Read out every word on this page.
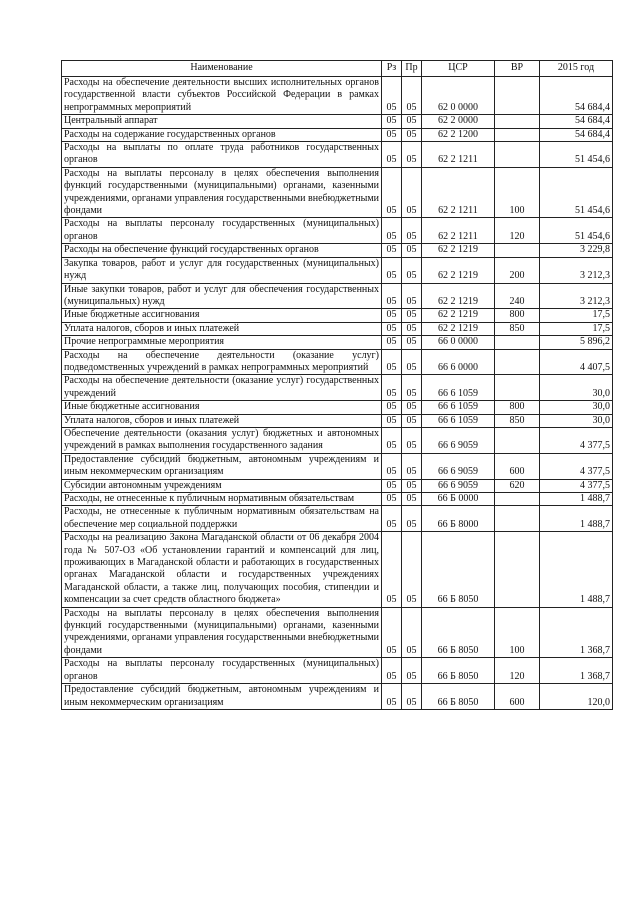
Наименование	Рз	Пр	ЦСР	ВР	2015 год
Расходы на обеспечение деятельности высших исполнительных органов государственной власти субъектов Российской Федерации в рамках непрограммных мероприятий	05	05	62 0 0000		54 684,4
Центральный аппарат	05	05	62 2 0000		54 684,4
Расходы на содержание государственных органов	05	05	62 2 1200		54 684,4
Расходы на выплаты по оплате труда работников государственных органов	05	05	62 2 1211		51 454,6
Расходы на выплаты персоналу в целях обеспечения выполнения функций государственными (муниципальными) органами, казенными учреждениями, органами управления государственными внебюджетными фондами	05	05	62 2 1211	100	51 454,6
Расходы на выплаты персоналу государственных (муниципальных) органов	05	05	62 2 1211	120	51 454,6
Расходы на обеспечение функций государственных органов	05	05	62 2 1219		3 229,8
Закупка товаров, работ и услуг для государственных (муниципальных) нужд	05	05	62 2 1219	200	3 212,3
Иные закупки товаров, работ и услуг для обеспечения государственных (муниципальных) нужд	05	05	62 2 1219	240	3 212,3
Иные бюджетные ассигнования	05	05	62 2 1219	800	17,5
Уплата налогов, сборов и иных платежей	05	05	62 2 1219	850	17,5
Прочие непрограммные мероприятия	05	05	66 0 0000		5 896,2
Расходы на обеспечение деятельности (оказание услуг) подведомственных учреждений в рамках непрограммных мероприятий	05	05	66 6 0000		4 407,5
Расходы на обеспечение деятельности (оказание услуг) государственных учреждений	05	05	66 6 1059		30,0
Иные бюджетные ассигнования	05	05	66 6 1059	800	30,0
Уплата налогов, сборов и иных платежей	05	05	66 6 1059	850	30,0
Обеспечение деятельности (оказания услуг) бюджетных и автономных учреждений в рамках выполнения государственного задания	05	05	66 6 9059		4 377,5
Предоставление субсидий бюджетным, автономным учреждениям и иным некоммерческим организациям	05	05	66 6 9059	600	4 377,5
Субсидии автономным учреждениям	05	05	66 6 9059	620	4 377,5
Расходы, не отнесенные к публичным нормативным обязательствам	05	05	66 Б 0000		1 488,7
Расходы, не отнесенные к публичным нормативным обязательствам на обеспечение мер социальной поддержки	05	05	66 Б 8000		1 488,7
Расходы на реализацию Закона Магаданской области от 06 декабря 2004 года № 507-ОЗ «Об установлении гарантий и компенсаций для лиц, проживающих в Магаданской области и работающих в государственных органах Магаданской области и государственных учреждениях Магаданской области, а также лиц, получающих пособия, стипендии и компенсации за счет средств областного бюджета»	05	05	66 Б 8050		1 488,7
Расходы на выплаты персоналу в целях обеспечения выполнения функций государственными (муниципальными) органами, казенными учреждениями, органами управления государственными внебюджетными фондами	05	05	66 Б 8050	100	1 368,7
Расходы на выплаты персоналу государственных (муниципальных) органов	05	05	66 Б 8050	120	1 368,7
Предоставление субсидий бюджетным, автономным учреждениям и иным некоммерческим организациям	05	05	66 Б 8050	600	120,0
